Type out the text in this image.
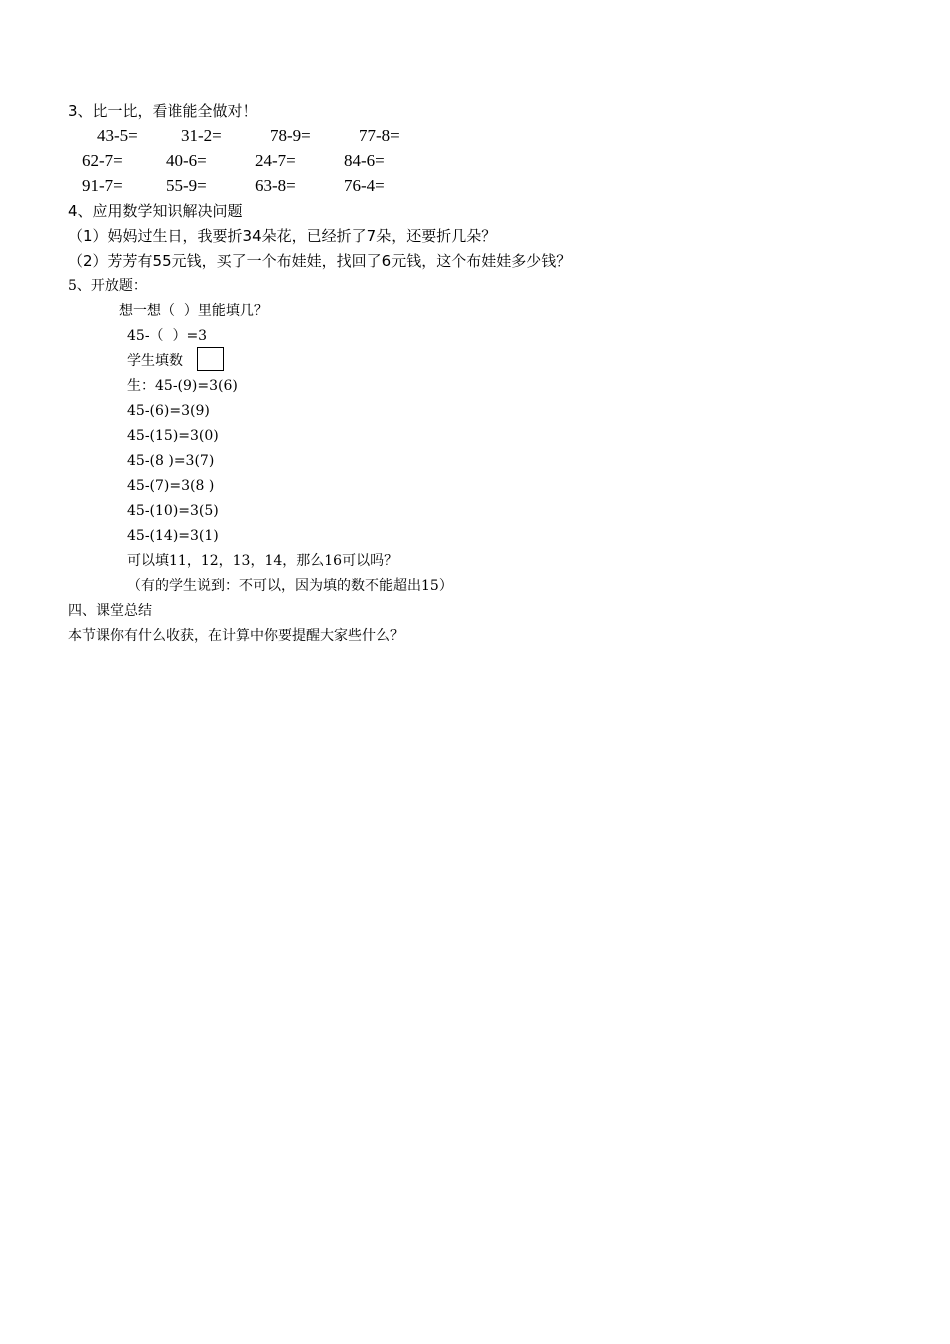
3、比一比，看谁能全做对！
43-5=	31-2=	78-9=	77-8=
62-7=	40-6=	24-7=	84-6=
91-7=	55-9=	63-8=	76-4=
4、应用数学知识解决问题
（1）妈妈过生日，我要折34朵花，已经折了7朵，还要折几朵？
（2）芳芳有55元钱，买了一个布娃娃，找回了6元钱，这个布娃娃多少钱？
5、开放题：
想一想（  ）里能填几？
45-（  ）=3
学生填数
生：45-(9)=3(6)
45-(6)=3(9)
45-(15)=3(0)
45-(8 )=3(7)
45-(7)=3(8 )
45-(10)=3(5)
45-(14)=3(1)
可以填11，12，13，14，那么16可以吗？
（有的学生说到：不可以，因为填的数不能超出15）
四、课堂总结
本节课你有什么收获，在计算中你要提醒大家些什么？
